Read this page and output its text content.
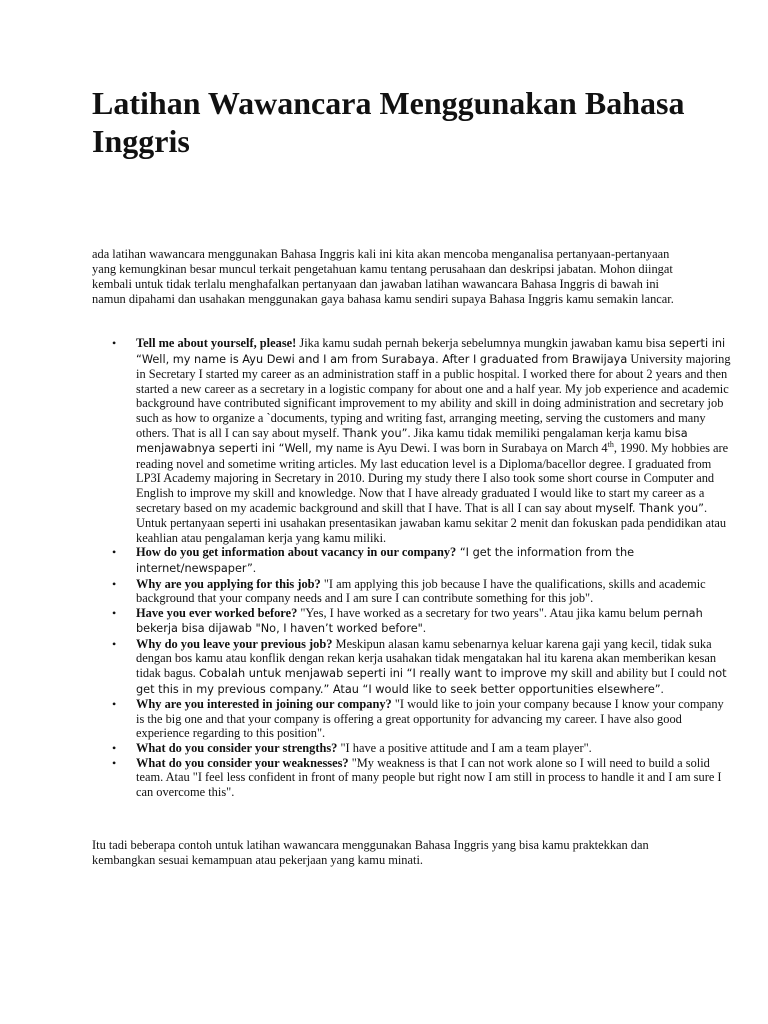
Latihan Wawancara Menggunakan Bahasa Inggris

ada latihan wawancara menggunakan Bahasa Inggris kali ini kita akan mencoba menganalisa pertanyaan-pertanyaan yang kemungkinan besar muncul terkait pengetahuan kamu tentang perusahaan dan deskripsi jabatan. Mohon diingat kembali untuk tidak terlalu menghafalkan pertanyaan dan jawaban latihan wawancara Bahasa Inggris di bawah ini namun dipahami dan usahakan menggunakan gaya bahasa kamu sendiri supaya Bahasa Inggris kamu semakin lancar.

• Tell me about yourself, please! Jika kamu sudah pernah bekerja sebelumnya mungkin jawaban kamu bisa seperti ini “Well, my name is Ayu Dewi and I am from Surabaya. After I graduated from Brawijaya University majoring in Secretary I started my career as an administration staff in a public hospital. I worked there for about 2 years and then started a new career as a secretary in a logistic company for about one and a half year. My job experience and academic background have contributed significant improvement to my ability and skill in doing administration and secretary job such as how to organize a `documents, typing and writing fast, arranging meeting, serving the customers and many others. That is all I can say about myself. Thank you”. Jika kamu tidak memiliki pengalaman kerja kamu bisa menjawabnya seperti ini “Well, my name is Ayu Dewi. I was born in Surabaya on March 4th, 1990. My hobbies are reading novel and sometime writing articles. My last education level is a Diploma/bacellor degree. I graduated from LP3I Academy majoring in Secretary in 2010. During my study there I also took some short course in Computer and English to improve my skill and knowledge. Now that I have already graduated I would like to start my career as a secretary based on my academic background and skill that I have. That is all I can say about myself. Thank you”. Untuk pertanyaan seperti ini usahakan presentasikan jawaban kamu sekitar 2 menit dan fokuskan pada pendidikan atau keahlian atau pengalaman kerja yang kamu miliki.
• How do you get information about vacancy in our company? “I get the information from the internet/newspaper”.
• Why are you applying for this job? "I am applying this job because I have the qualifications, skills and academic background that your company needs and I am sure I can contribute something for this job".
• Have you ever worked before? "Yes, I have worked as a secretary for two years". Atau jika kamu belum pernah bekerja bisa dijawab "No, I haven’t worked before".
• Why do you leave your previous job? Meskipun alasan kamu sebenarnya keluar karena gaji yang kecil, tidak suka dengan bos kamu atau konflik dengan rekan kerja usahakan tidak mengatakan hal itu karena akan memberikan kesan tidak bagus. Cobalah untuk menjawab seperti ini “I really want to improve my skill and ability but I could not get this in my previous company.” Atau “I would like to seek better opportunities elsewhere”.
• Why are you interested in joining our company? "I would like to join your company because I know your company is the big one and that your company is offering a great opportunity for advancing my career. I have also good experience regarding to this position".
• What do you consider your strengths? "I have a positive attitude and I am a team player".
• What do you consider your weaknesses? "My weakness is that I can not work alone so I will need to build a solid team. Atau "I feel less confident in front of many people but right now I am still in process to handle it and I am sure I can overcome this".

Itu tadi beberapa contoh untuk latihan wawancara menggunakan Bahasa Inggris yang bisa kamu praktekkan dan kembangkan sesuai kemampuan atau pekerjaan yang kamu minati.
